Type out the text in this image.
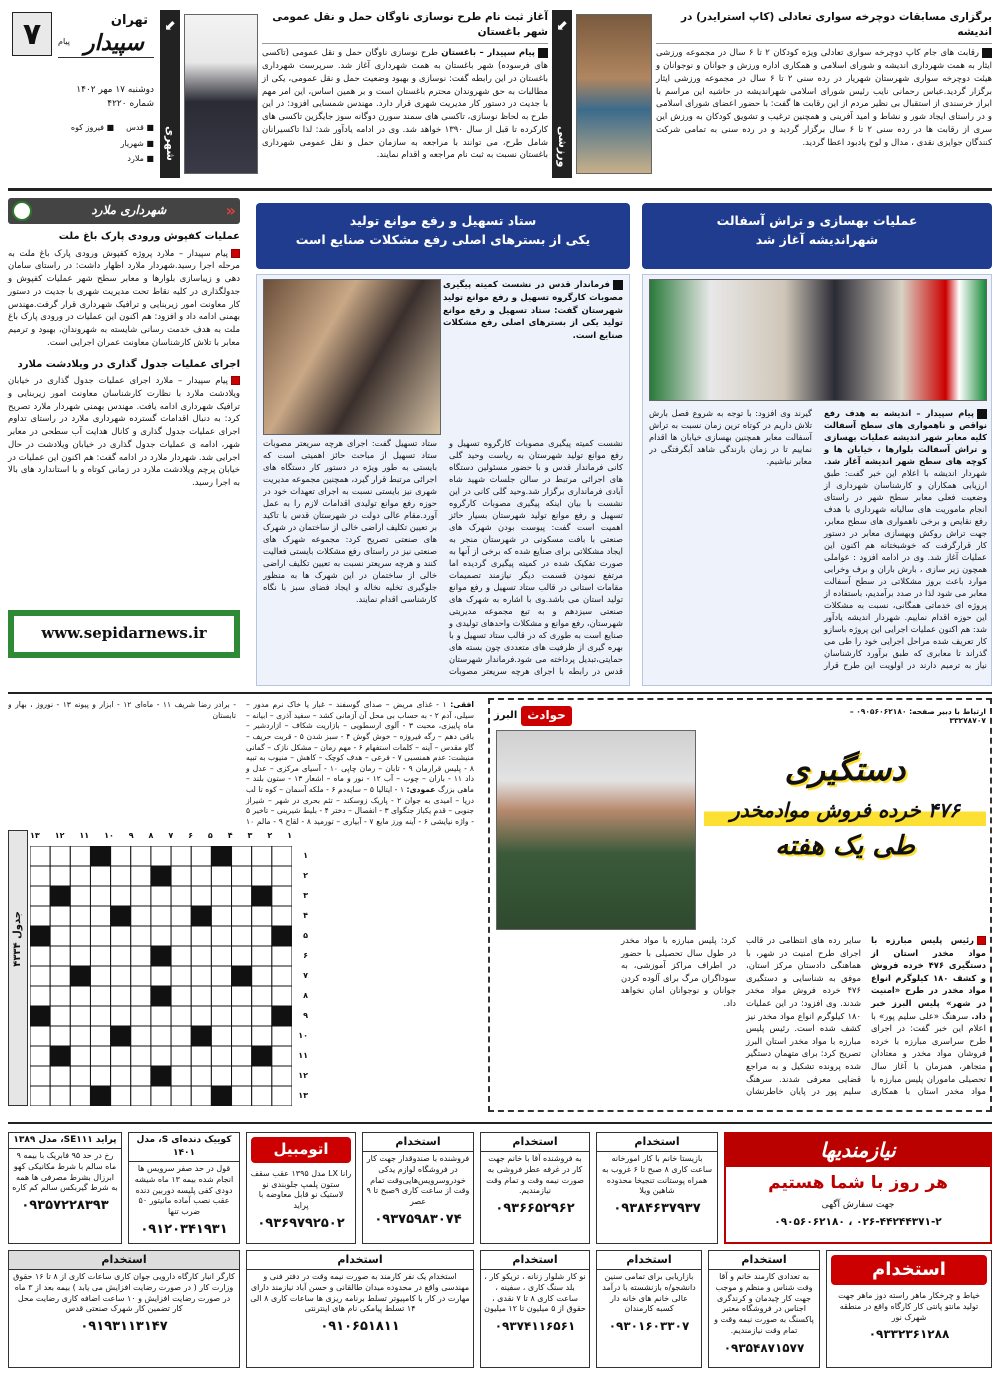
۷	تهران
سپیدار
پیام
دوشنبه ۱۷ مهر ۱۴۰۲
شماره ۴۲۲۰
■ قدس
■ فیروز کوه
■ شهریار
■ ملارد
⬋
شهری
⬋
ورزشی
آغاز ثبت نام طرح نوسازی ناوگان حمل و نقل عمومی شهر باغستان
پیام سپیدار – باغستان طرح نوسازی ناوگان حمل و نقل عمومی (تاکسی های فرسوده) شهر باغستان به همت شهرداری آغاز شد. سرپرست شهرداری باغستان در این رابطه گفت: نوسازی و بهبود وضعیت حمل و نقل عمومی، یکی از مطالبات به حق شهروندان محترم باغستان است و بر همین اساس، این امر مهم با جدیت در دستور کار مدیریت شهری قرار دارد. مهندس شمسایی افزود: در این طرح به لحاظ نوسازی، تاکسی های سمند سورن دوگانه سوز جایگزین تاکسی های کارکرده تا قبل از سال ۱۳۹۰ خواهد شد. وی در ادامه یادآور شد: لذا تاکسیرانان شامل طرح، می توانند با مراجعه به سازمان حمل و نقل عمومی شهرداری باغستان نسبت به ثبت نام مراجعه و اقدام نمایند.
برگزاری مسابقات دوچرخه سواری تعادلی (کاپ استرایدر) در اندیشه
رقابت های جام کاپ دوچرخه سواری تعادلی ویژه کودکان ۲ تا ۶ سال در مجموعه ورزشی ایثار به همت شهرداری اندیشه و شورای اسلامی و همکاری اداره ورزش و جوانان و نوجوانان و هیئت دوچرخه سواری شهرستان شهریار در رده سنی ۲ تا ۶ سال در مجموعه ورزشی ایثار برگزار گردید.عباس رحمانی نایب رئیس شورای اسلامی شهراندیشه در حاشیه این مراسم با ابراز خرسندی از استقبال بی نظیر مردم از این رقابت ها گفت: با حضور اعضای شورای اسلامی و در راستای ایجاد شور و نشاط و امید آفرینی و همچنین ترغیب و تشویق کودکان به ورزش این سری از رقابت ها در رده سنی ۲ تا ۶ سال برگزار گردید و در رده سنی به تمامی شرکت کنندگان جوایزی نقدی ، مدال و لوح یادبود اعطا گردید.
«
شهرداری ملارد
عملیات کفپوش ورودی پارک باغ ملت
پیام سپیدار – ملارد پروژه کفپوش ورودی پارک باغ ملت به مرحله اجرا رسید.شهردار ملارد اظهار داشت: در راستای سامان دهی و زیباسازی بلوارها و معابر سطح شهر عملیات کفپوش و جدولگذاری در کلیه نقاط تحت مدیریت شهری با جدیت در دستور کار معاونت امور زیربنایی و ترافیک شهرداری قرار گرفت.مهندس بهمنی ادامه داد و افزود: هم اکنون این عملیات در ورودی پارک باغ ملت به هدف خدمت رسانی شایسته به شهروندان، بهبود و ترمیم معابر با تلاش کارشناسان معاونت عمران اجرایی است.
اجرای عملیات جدول گذاری در ویلادشت ملارد
پیام سپیدار – ملارد اجرای عملیات جدول گذاری در خیابان ویلادشت ملارد با نظارت کارشناسان معاونت امور زیربنایی و ترافیک شهرداری ادامه یافت. مهندس بهمنی شهردار ملارد تصریح کرد: به دنبال اقدامات گسترده شهرداری ملارد در راستای تداوم اجرای عملیات جدول گذاری و کانال هدایت آب سطحی در معابر شهر، ادامه ی عملیات جدول گذاری در خیابان ویلادشت در حال اجرایی شد. شهردار ملارد در ادامه گفت: هم اکنون این عملیات در خیابان پرچم ویلادشت ملارد در زمانی کوتاه و با استاندارد های بالا به اجرا رسید.
www.sepidarnews.ir
ستاد تسهیل و رفع موانع تولید
یکی از بسترهای اصلی رفع مشکلات صنایع است
فرماندار قدس در نشست کمیته پیگیری مصوبات کارگروه تسهیل و رفع موانع تولید شهرستان گفت: ستاد تسهیل و رفع موانع تولید یکی از بسترهای اصلی رفع مشکلات صنایع است.
نشست کمیته پیگیری مصوبات کارگروه تسهیل و رفع موانع تولید شهرستان به ریاست وحید گلی کانی فرماندار قدس و با حضور مسئولین دستگاه های اجرائی مرتبط در سالن جلسات شهید شاه آبادی فرمانداری برگزار شد.وحید گلی کانی در این نشست با بیان اینکه پیگیری مصوبات کارگروه تسهیل و رفع موانع تولید شهرستان بسیار حائز اهمیت است گفت: پیوست بودن شهرک های صنعتی با بافت مسکونی در شهرستان منجر به ایجاد مشکلاتی برای صنایع شده که برخی از آنها به صورت تفکیک شده در کمیته پیگیری گردیده اما مرتفع نمودن قسمت دیگر نیازمند تصمیمات مقامات استانی در قالب ستاد تسهیل و رفع موانع تولید استان می باشد.وی با اشاره به شهرک های صنعتی سیزدهم و به تبع مجموعه مدیریتی شهرستان، رفع موانع و مشکلات واحدهای تولیدی و صنایع است به طوری که در قالب ستاد تسهیل و با بهره گیری از ظرفیت های متعددی چون بسته های حمایتی،تبدیل پرداخته می شود.فرماندار شهرستان قدس در رابطه با اجرای هرچه سریعتر مصوبات ستاد تسهیل گفت: اجرای هرچه سریعتر مصوبات ستاد تسهیل از مباحث حائز اهمیتی است که بایستی به طور ویژه در دستور کار دستگاه های اجرائی مرتبط قرار گیرد، همچنین مجموعه مدیریت شهری نیز بایستی نسبت به اجرای تعهدات خود در حوزه رفع موانع تولیدی اقدامات لازم را به عمل آورد.مقام عالی دولت در شهرستان قدس با تاکید بر تعیین تکلیف اراضی خالی از ساختمان در شهرک های صنعتی تصریح کرد: مجموعه شهرک های صنعتی نیز در راستای رفع مشکلات بایستی فعالیت کنند و هرچه سریعتر نسبت به تعیین تکلیف اراضی خالی از ساختمان در این شهرک ها به منظور جلوگیری تخلیه نخاله و ایجاد فضای سبز با نگاه کارشناسی اقدام نمایند.
عملیات بهسازی و تراش آسفالت
شهراندیشه آغاز شد
پیام سپیدار – اندیشه به هدف رفع نواقص و ناهمواری های سطح آسفالت کلیه معابر شهر اندیشه عملیات بهسازی و تراش آسفالت بلوارها ، خیابان ها و کوچه های سطح شهر اندیشه آغاز شد. شهردار اندیشه با اعلام این خبر گفت: طبق ارزیابی همکاران و کارشناسان شهرداری از وضعیت فعلی معابر سطح شهر در راستای انجام ماموریت های سالیانه شهرداری با هدف رفع نقایص و برخی ناهمواری های سطح معابر، جهت تراش روکش وبهسازی معابر در دستور کار قرارگرفت که خوشبختانه هم اکنون این عملیات آغاز شد. وی در ادامه افزود : عواملی همچون زیر سازی ، بارش باران و برف وخرابی موارد باعث بروز مشکلاتی در سطح آسفالت معابر می شود لذا در صدد برآمدیم، باستفاده از پروژه ای خدماتی همگانی، نسبت به مشکلات این حوزه اقدام نماییم. شهردار اندیشه یادآور شد: هم اکنون عملیات اجرایی این پروژه باسازو کار تعریف شده مراحل اجرایی خود را طی می گذراند تا معابری که طبق برآورد کارشناسان نیاز به ترمیم دارند در اولویت این طرح قرار گیرند وی افزود: با توجه به شروع فصل بارش تلاش داریم در کوتاه ترین زمان نسبت به تراش آسفالت معابر همچنین بهسازی خیابان ها اقدام نماییم تا در زمان بارندگی شاهد آبگرفتگی در معابر نباشیم.
افقی: ۱ - غذای مریض – صدای گوسفند – غبار یا خاک نرم مدور – سیلی، آدم ۲ - به حساب بی محل آن آزمانی کشد – سفید آذری – ابیانه – ماه پاییزی، محبت ۳ - آلوی ارسطویی – بازاریت شکاف – ازاردشیر – باقی دهم – رگه فیروزه – خوش گوش ۴ - سبز شدن ۵ - قربت حریف – گاو مقدس – آینه – کلمات استفهام ۶ - مهم رمان – مشکل نازک – گمانی منیشت: عدم همنسبی ۷ - فرعی – هدف کوچک – کاهش – منیوب به تبیه ۸ - پلیس قرارمان ۹ - تابان – رمان چاپی ۱۰ - آسیای مرکزی – عدل و داد ۱۱ - باران – چوب – آب ۱۲ - نور و ماه – اشعار ۱۳ - ستون بلند – ماهی بزرگ عمودی: ۱ - ایتالیا ۵ – سایه‌دم ۶ - ملکه آسمان – کوه تا لب دریا – امیدی به جوان ۲ - پاریک زوسکند – تئم بحری در شهر – شیراز جنوبی – قدمِ یکباز جنگوای ۳ - انفصال – دختر ۴ - بلیط شیرینی – تاخیر ۵ - واژه نیایشی ۶ - آینه ورز مایع ۷ - آبیاری – تورمید ۸ - لقاح ۹ - مالم ۱۰ - برادر رضا شریف ۱۱ - ماه‌ای ۱۲ - ابزار و پیونه ۱۳ - نوروز ، بهار و تابستان
جدول ۴۳۳۴
۱
۲
۳
۴
۵
۶
۷
۸
۹
۱۰
۱۱
۱۲
۱۳
۱
۲
۳
۴
۵
۶
۷
۸
۹
۱۰
۱۱
۱۲
۱۳
ارتباط با دبیر صفحه: ۰۹۰۵۶۰۶۲۱۸۰ – ۳۳۲۷۸۷۰۷
حوادث
البرز
دستگیری
۴۷۶ خرده فروش موادمخدر
طی یک هفته
رئیس پلیس مبارزه با مواد مخدر استان از دستگیری ۴۷۶ خرده فروش و کشف ۱۸۰ کیلوگرم انواع مواد مخدر در طرح «امنیت در شهر» پلیس البرز خبر داد. سرهنگ «علی سلیم پور» با اعلام این خبر گفت: در اجرای طرح سراسری مبارزه با خرده فروشان مواد مخدر و معتادان متجاهر، همزمان با آغاز سال تحصیلی ماموران پلیس مبارزه با مواد مخدر استان با همکاری سایر رده های انتظامی در قالب اجرای طرح امنیت در شهر، با هماهنگی دادستان مرکز استان، موفق به شناسایی و دستگیری ۴۷۶ خرده فروش مواد مخدر شدند. وی افزود: در این عملیات ۱۸۰ کیلوگرم انواع مواد مخدر نیز کشف شده است. رئیس پلیس مبارزه با مواد مخدر استان البرز تصریح کرد: برای متهمان دستگیر شده پرونده تشکیل و به مراجع قضایی معرفی شدند. سرهنگ سلیم پور در پایان خاطرنشان کرد: پلیس مبارزه با مواد مخدر در طول سال تحصیلی با حضور در اطراف مراکز آموزشی، به سوداگران مرگ برای آلوده کردن جوانان و نوجوانان امان نخواهد داد.
نیازمندیها
هر روز با شما هستیم
جهت سفارش آگهی
۰۲۶-۴۴۲۴۴۳۷۱-۲ ، ۰۹۰۵۶۰۶۲۱۸۰
استخدام
بازیستا خانم با کار امورخانه ساعت کاری ۸ صبح تا ۶ غروب به همراه پوستانت تنجیخا محدوده شاهین ویلا
۰۹۳۸۴۶۳۷۹۳۷
استخدام
به فروشنده آقا با خانم جهت کار در غرفه عطر فروشی به صورت نیمه وقت و تمام وقت نیازمندیم.
۰۹۳۶۶۵۲۹۶۲
استخدام
فروشنده با صندوقدار جهت کار در فروشگاه لوازم یدکی خودروسرویس‌هایی‌وقت تمام وقت از ساعت کاری ۹صبح تا ۹ عصر
۰۹۳۷۵۹۸۳۰۷۴
اتومبیل
رانا LX مدل ۱۳۹۵ عقب سقف ستون پلمپ جلوبندی نو لاستیک نو قابل معاوضه با پراید
۰۹۳۶۹۷۹۲۵۰۲
کوییک دنده‌ای S، مدل ۱۴۰۱
قول در حد صفر سرویس ها انجام شده بیمه ۱۳ ماه شیشه دودی کفی پلیسه دوربین دنده عقب نصب آماده مانیتور ۵۰ ضرب تنها
۰۹۱۲۰۳۴۱۹۳۱
پراید SE۱۱۱، مدل ۱۳۸۹
رخ در حد ۹۵ فابریک با بیمه ۹ ماه سالم با شرط مکانیکی کهو ابرزال بشرط مصرفی ها همه به شرط گیربکس سالم کم کاره
۰۹۳۵۷۲۲۸۳۹۳
استخدام
به تعدادی کارمند خانم و آقا وقت شناس و منظم و موجب جهت کار چیدمان و کرندگری اجناس در فروشگاه معتبر پاکسنگ به صورت نیمه وقت و تمام وقت نیازمندیم.
۰۹۳۵۴۸۷۱۵۷۷
استخدام
خیاط و چرخکار ماهر راسته دوز ماهر جهت تولید مانتو پانتی کار کارگاه واقع در منطقه شهرک نور
۰۹۳۳۲۳۶۱۲۸۸
استخدام
بازاریابی برای تمامی سنین دانشجو/ه بازنشسته با درآمد عالی خانم های خانه دار کسبه کارمندان
۰۹۳۰۱۶۰۳۳۰۷
استخدام
نو کار شلوار زنانه ، تریکو کار ، بلد سنگ کاری ، سفینه ، ساعت کاری ۸ تا ۷ نقدی ، حقوق از ۵ میلیون تا ۱۲ میلیون
۰۹۳۷۴۱۱۶۵۶۱
استخدام
استخدام یک نفر کارمند به صورت نیمه وقت در دفتر فنی و مهندسی واقع در محدوده میدان طالقانی و حسن آباد نیازمند دارای مهارت در کار با کامپیوتر تسلط برنامه ریزی ها ساعات کاری ۸ الی ۱۴ تسلط پیامکی نام های اینترنتی
۰۹۱۰۶۵۱۸۱۱
استخدام
کارگر انبار کارگاه دارویی جوان کاری ساعات کاری از ۸ تا ۱۶ حقوق وزارت کار ( در صورت رضایت افزایش می یابد ) بیمه بعد از ۳ ماه در صورت رضایت افزایش و ۱۰ ساعت اضافه کاری رضایت محل کار تضمین کار شهرک صنعتی قدس
۰۹۱۹۳۱۱۳۱۴۷
